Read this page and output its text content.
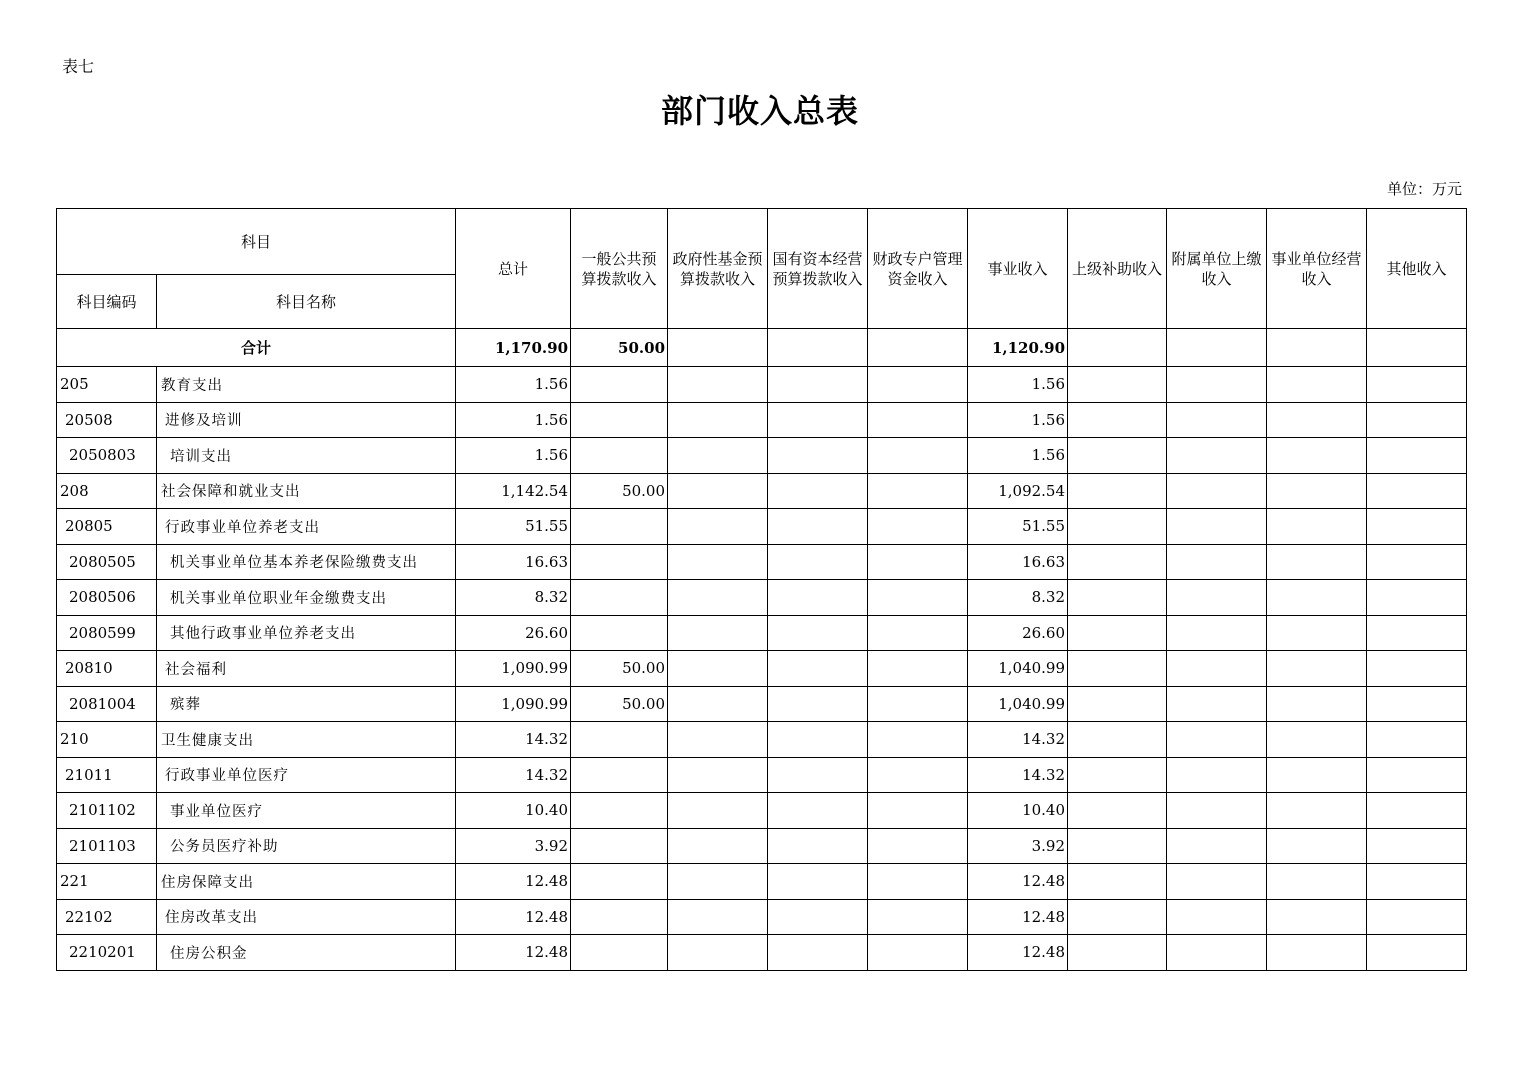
表七
部门收入总表
单位：万元
科目		总计	一般公共预算拨款收入	政府性基金预算拨款收入	国有资本经营预算拨款收入	财政专户管理资金收入	事业收入	上级补助收入	附属单位上缴收入	事业单位经营收入	其他收入
科目编码	科目名称										
合计		1,170.90	50.00				1,120.90				
205	教育支出	1.56					1.56				
20508	进修及培训	1.56					1.56				
2050803	培训支出	1.56					1.56				
208	社会保障和就业支出	1,142.54	50.00				1,092.54				
20805	行政事业单位养老支出	51.55					51.55				
2080505	机关事业单位基本养老保险缴费支出	16.63					16.63				
2080506	机关事业单位职业年金缴费支出	8.32					8.32				
2080599	其他行政事业单位养老支出	26.60					26.60				
20810	社会福利	1,090.99	50.00				1,040.99				
2081004	殡葬	1,090.99	50.00				1,040.99				
210	卫生健康支出	14.32					14.32				
21011	行政事业单位医疗	14.32					14.32				
2101102	事业单位医疗	10.40					10.40				
2101103	公务员医疗补助	3.92					3.92				
221	住房保障支出	12.48					12.48				
22102	住房改革支出	12.48					12.48				
2210201	住房公积金	12.48					12.48				
